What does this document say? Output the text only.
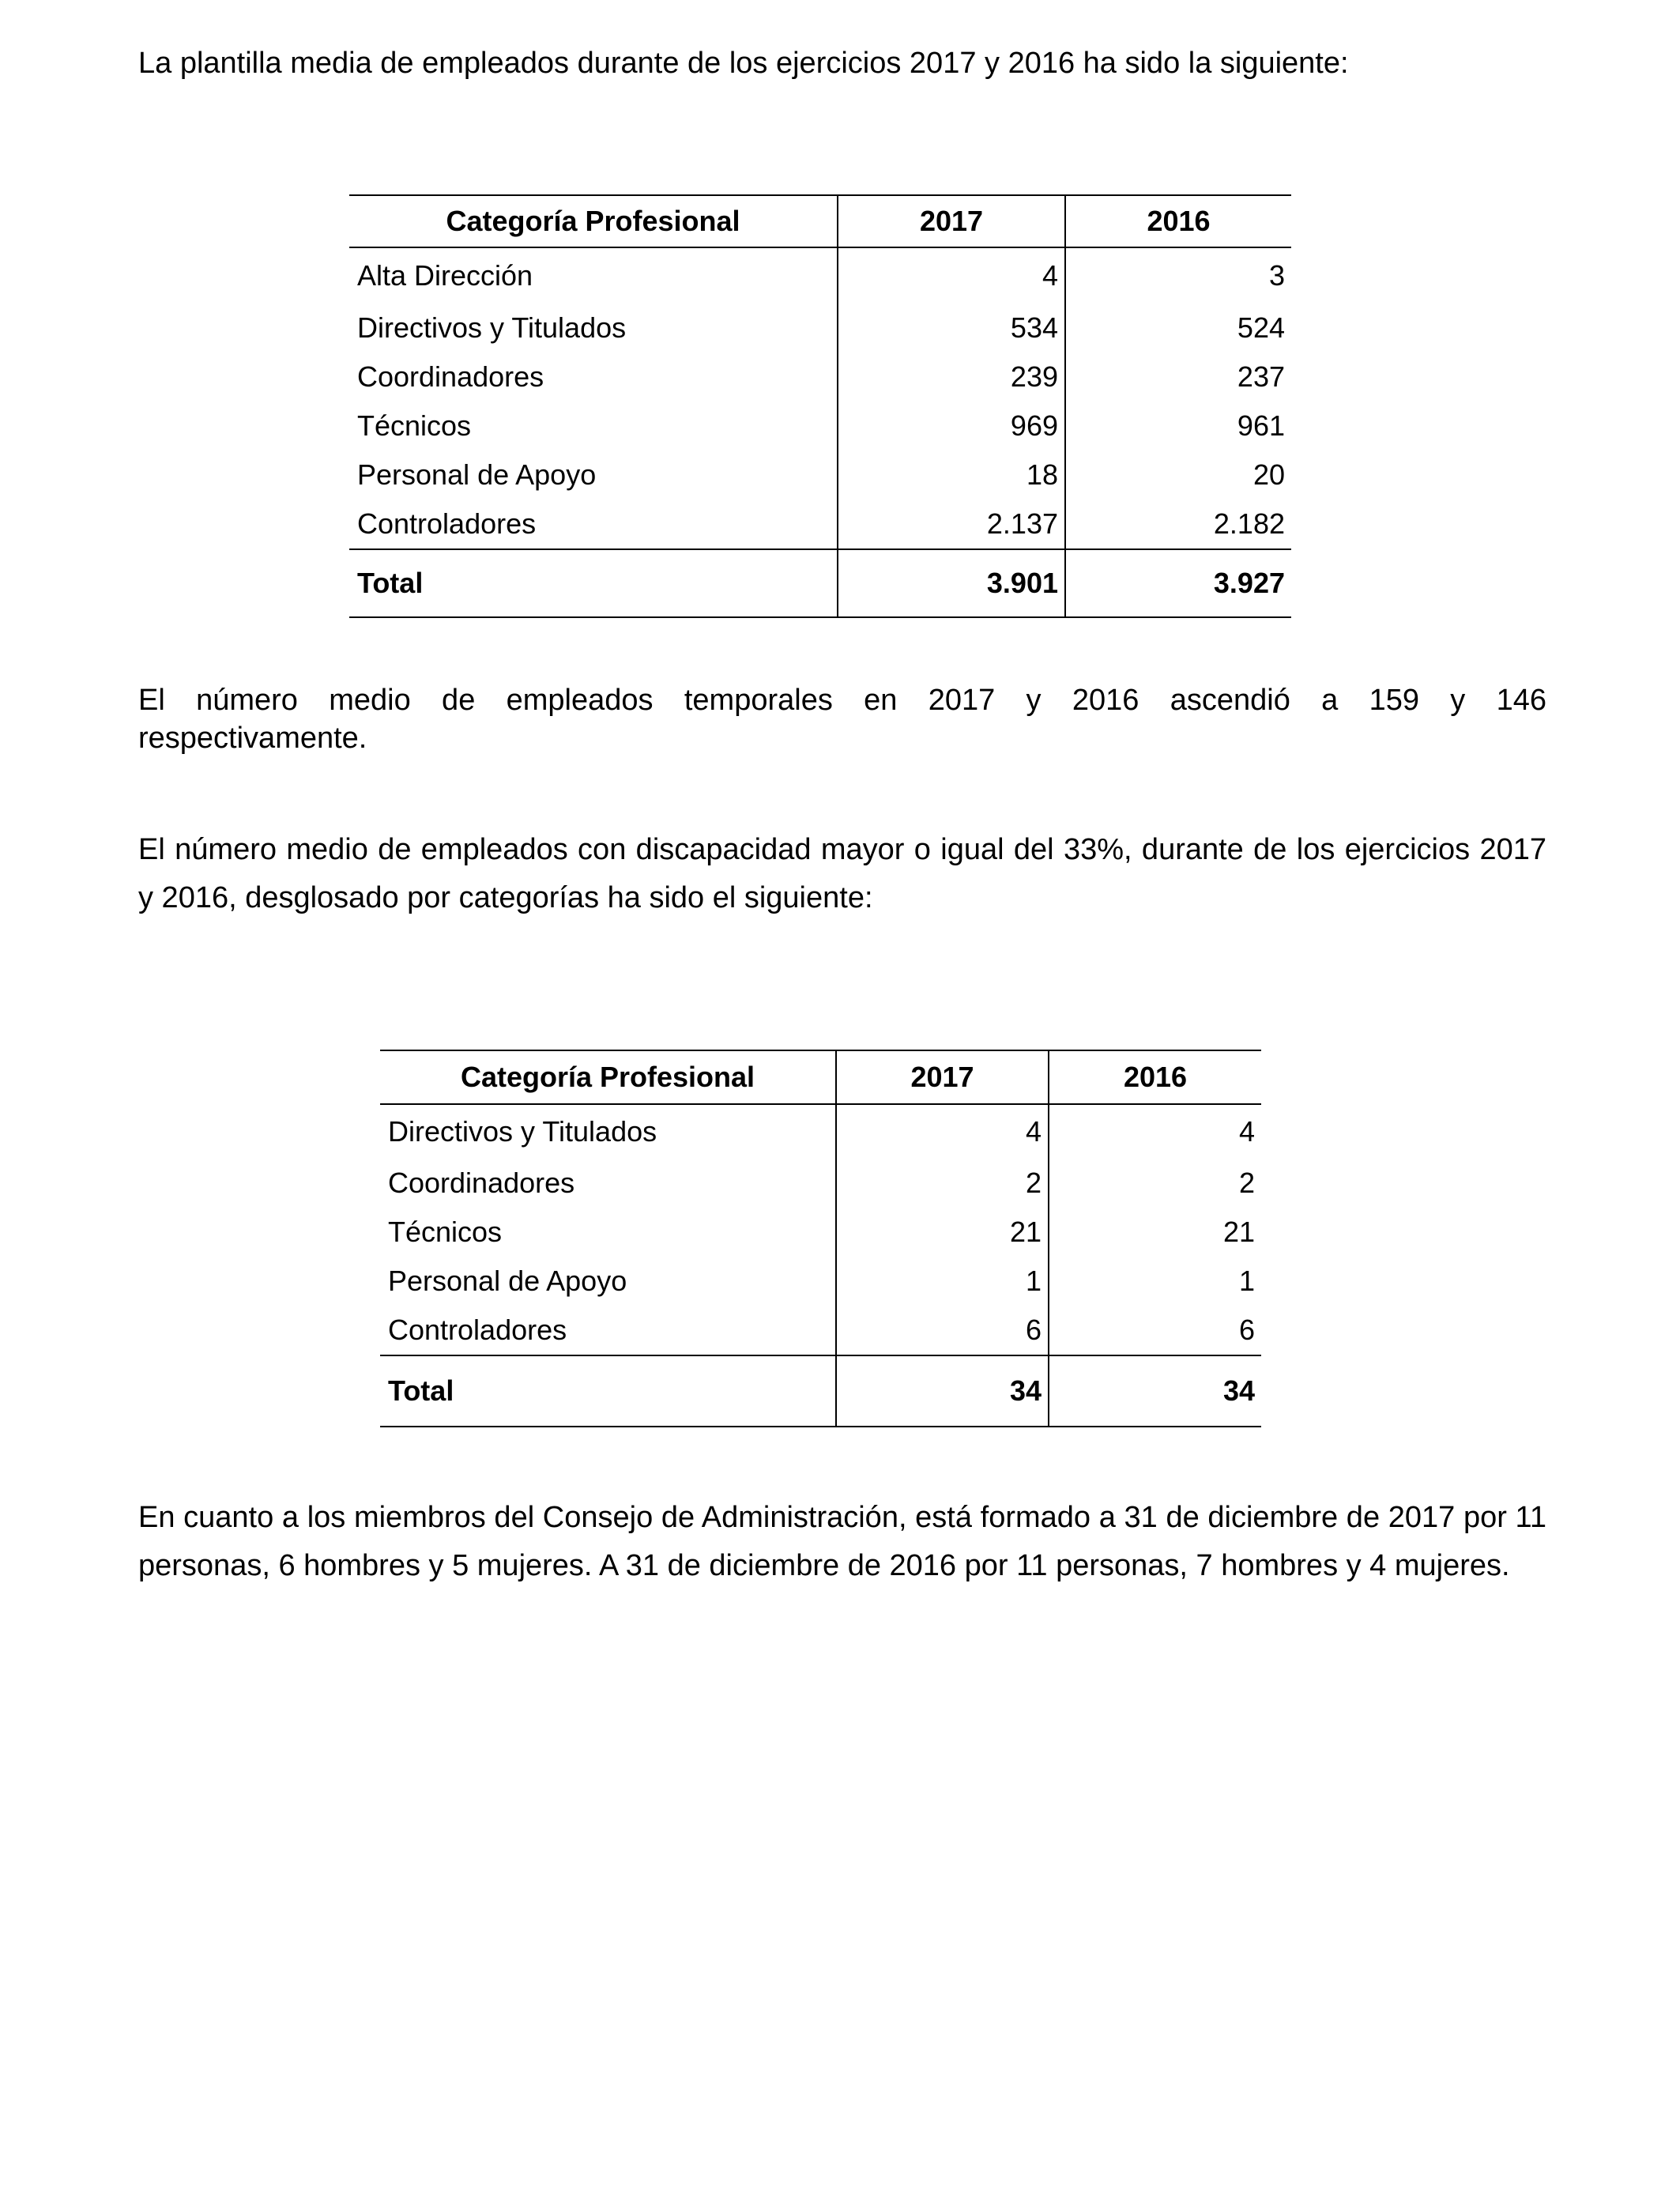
La plantilla media de empleados durante de los ejercicios 2017 y 2016 ha sido la siguiente:

Categoría Profesional	2017	2016
Alta Dirección	4	3
Directivos y Titulados	534	524
Coordinadores	239	237
Técnicos	969	961
Personal de Apoyo	18	20
Controladores	2.137	2.182
Total	3.901	3.927

El número medio de empleados temporales en 2017 y 2016 ascendió a 159 y 146 respectivamente.

El número medio de empleados con discapacidad mayor o igual del 33%, durante de los ejercicios 2017 y 2016, desglosado por categorías ha sido el siguiente:

Categoría Profesional	2017	2016
Directivos y Titulados	4	4
Coordinadores	2	2
Técnicos	21	21
Personal de Apoyo	1	1
Controladores	6	6
Total	34	34

En cuanto a los miembros del Consejo de Administración, está formado a 31 de diciembre de 2017 por 11 personas, 6 hombres y 5 mujeres. A 31 de diciembre de 2016 por 11 personas, 7 hombres y 4 mujeres.
